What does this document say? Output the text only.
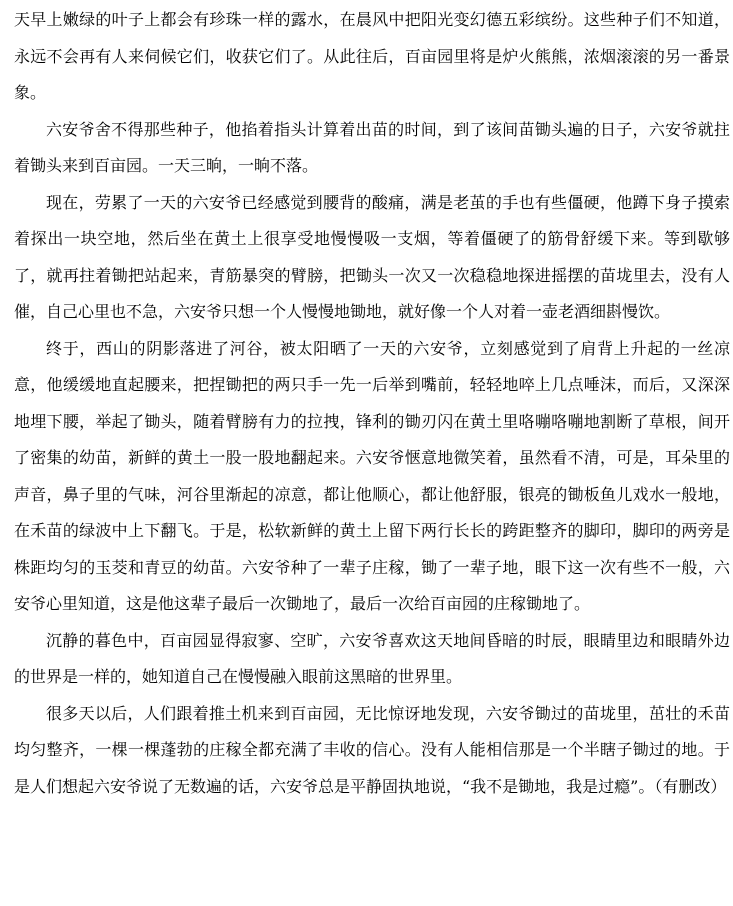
天早上嫩绿的叶子上都会有珍珠一样的露水，在晨风中把阳光变幻德五彩缤纷。这些种子们不知道，永远不会再有人来伺候它们，收获它们了。从此往后，百亩园里将是炉火熊熊，浓烟滚滚的另一番景象。

六安爷舍不得那些种子，他掐着指头计算着出苗的时间，到了该间苗锄头遍的日子，六安爷就拄着锄头来到百亩园。一天三晌，一晌不落。

现在，劳累了一天的六安爷已经感觉到腰背的酸痛，满是老茧的手也有些僵硬，他蹲下身子摸索着探出一块空地，然后坐在黄土上很享受地慢慢吸一支烟，等着僵硬了的筋骨舒缓下来。等到歇够了，就再拄着锄把站起来，青筋暴突的臂膀，把锄头一次又一次稳稳地探进摇摆的苗垅里去，没有人催，自己心里也不急，六安爷只想一个人慢慢地锄地，就好像一个人对着一壶老酒细斟慢饮。

终于，西山的阴影落进了河谷，被太阳晒了一天的六安爷，立刻感觉到了肩背上升起的一丝凉意，他缓缓地直起腰来，把捏锄把的两只手一先一后举到嘴前，轻轻地啐上几点唾沫，而后，又深深地埋下腰，举起了锄头，随着臂膀有力的拉拽，锋利的锄刃闪在黄土里咯嘣咯嘣地割断了草根，间开了密集的幼苗，新鲜的黄土一股一股地翻起来。六安爷惬意地微笑着，虽然看不清，可是，耳朵里的声音，鼻子里的气味，河谷里渐起的凉意，都让他顺心，都让他舒服，银亮的锄板鱼儿戏水一般地，在禾苗的绿波中上下翻飞。于是，松软新鲜的黄土上留下两行长长的跨距整齐的脚印，脚印的两旁是株距均匀的玉茭和青豆的幼苗。六安爷种了一辈子庄稼，锄了一辈子地，眼下这一次有些不一般，六安爷心里知道，这是他这辈子最后一次锄地了，最后一次给百亩园的庄稼锄地了。

沉静的暮色中，百亩园显得寂寥、空旷，六安爷喜欢这天地间昏暗的时辰，眼睛里边和眼睛外边的世界是一样的，她知道自己在慢慢融入眼前这黑暗的世界里。

很多天以后，人们跟着推土机来到百亩园，无比惊讶地发现，六安爷锄过的苗垅里，茁壮的禾苗均匀整齐，一棵一棵蓬勃的庄稼全都充满了丰收的信心。没有人能相信那是一个半瞎子锄过的地。于是人们想起六安爷说了无数遍的话，六安爷总是平静固执地说，“我不是锄地，我是过瘾”。（有删改）
